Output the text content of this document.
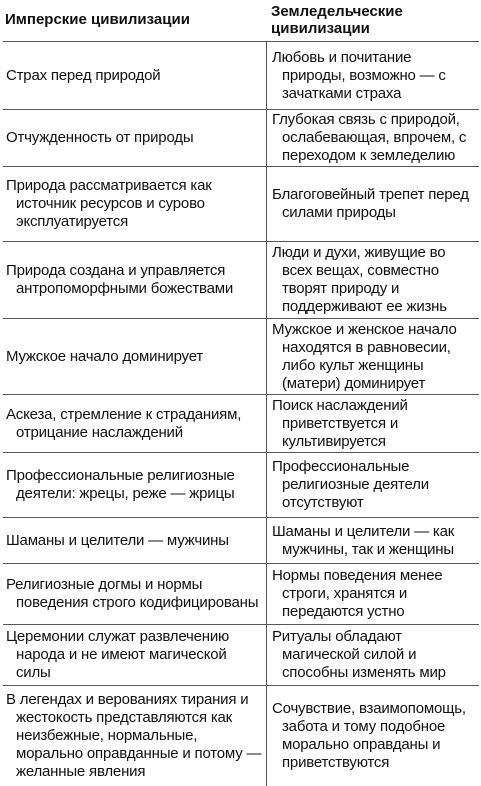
Имперские цивилизации	Земледельческие цивилизации
Страх перед природой
Любовь и почитание природы, возможно — с зачатками страха
Отчужденность от природы
Глубокая связь с природой, ослабевающая, впрочем, с переходом к земледелию
Природа рассматривается как источник ресурсов и сурово эксплуатируется
Благоговейный трепет перед силами природы
Природа создана и управляется антропоморфными божествами
Люди и духи, живущие во всех вещах, совместно творят природу и поддерживают ее жизнь
Мужское начало доминирует
Мужское и женское начало находятся в равновесии, либо культ женщины (матери) доминирует
Аскеза, стремление к страданиям, отрицание наслаждений
Поиск наслаждений приветствуется и культивируется
Профессиональные религиозные деятели: жрецы, реже — жрицы
Профессиональные религиозные деятели отсутствуют
Шаманы и целители — мужчины
Шаманы и целители — как мужчины, так и женщины
Религиозные догмы и нормы поведения строго кодифицированы
Нормы поведения менее строги, хранятся и передаются устно
Церемонии служат развлечению народа и не имеют магической силы
Ритуалы обладают магической силой и способны изменять мир
В легендах и верованиях тирания и жестокость представляются как неизбежные, нормальные, морально оправданные и потому — желанные явления
Сочувствие, взаимопомощь, забота и тому подобное морально оправданы и приветствуются
